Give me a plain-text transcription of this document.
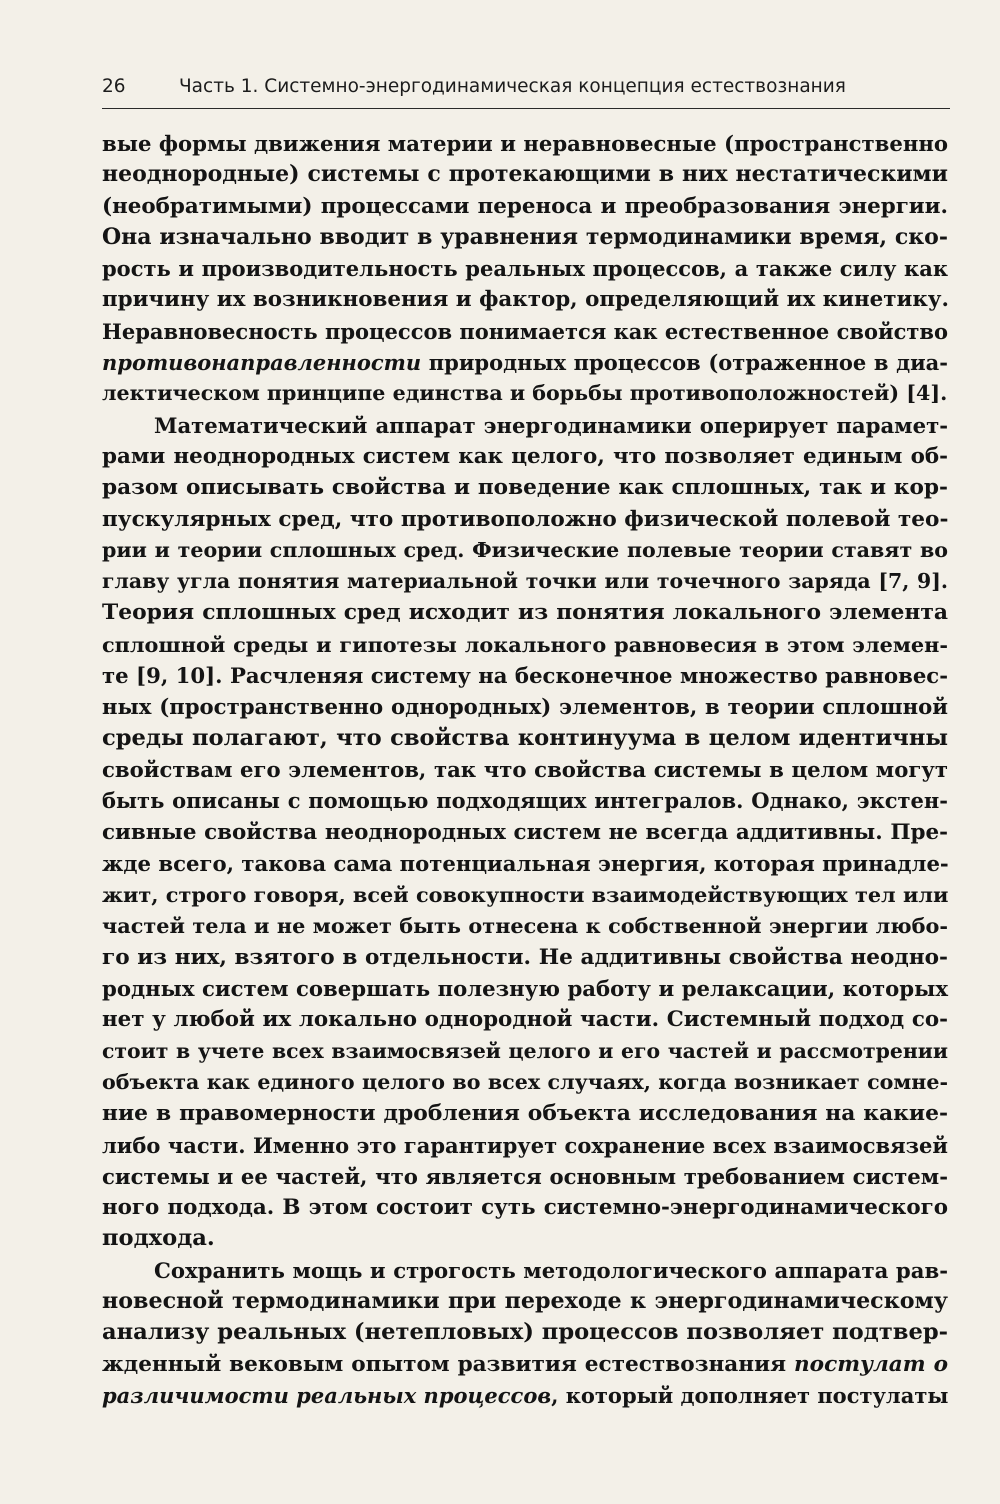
26	Часть 1. Системно-энергодинамическая концепция естествознания
вые формы движения материи и неравновесные (пространственно
неоднородные) системы с протекающими в них нестатическими
(необратимыми) процессами переноса и преобразования энергии.
Она изначально вводит в уравнения термодинамики время, ско-
рость и производительность реальных процессов, а также силу как
причину их возникновения и фактор, определяющий их кинетику.
Неравновесность процессов понимается как естественное свойство
противонаправленности природных процессов (отраженное в диа-
лектическом принципе единства и борьбы противоположностей) [4].
Математический аппарат энергодинамики оперирует парамет-
рами неоднородных систем как целого, что позволяет единым об-
разом описывать свойства и поведение как сплошных, так и кор-
пускулярных сред, что противоположно физической полевой тео-
рии и теории сплошных сред. Физические полевые теории ставят во
главу угла понятия материальной точки или точечного заряда [7, 9].
Теория сплошных сред исходит из понятия локального элемента
сплошной среды и гипотезы локального равновесия в этом элемен-
те [9, 10]. Расчленяя систему на бесконечное множество равновес-
ных (пространственно однородных) элементов, в теории сплошной
среды полагают, что свойства континуума в целом идентичны
свойствам его элементов, так что свойства системы в целом могут
быть описаны с помощью подходящих интегралов. Однако, экстен-
сивные свойства неоднородных систем не всегда аддитивны. Пре-
жде всего, такова сама потенциальная энергия, которая принадле-
жит, строго говоря, всей совокупности взаимодействующих тел или
частей тела и не может быть отнесена к собственной энергии любо-
го из них, взятого в отдельности. Не аддитивны свойства неодно-
родных систем совершать полезную работу и релаксации, которых
нет у любой их локально однородной части. Системный подход со-
стоит в учете всех взаимосвязей целого и его частей и рассмотрении
объекта как единого целого во всех случаях, когда возникает сомне-
ние в правомерности дробления объекта исследования на какие-
либо части. Именно это гарантирует сохранение всех взаимосвязей
системы и ее частей, что является основным требованием систем-
ного подхода. В этом состоит суть системно-энергодинамического
подхода.
Сохранить мощь и строгость методологического аппарата рав-
новесной термодинамики при переходе к энергодинамическому
анализу реальных (нетепловых) процессов позволяет подтвер-
жденный вековым опытом развития естествознания постулат о
различимости реальных процессов, который дополняет постулаты
